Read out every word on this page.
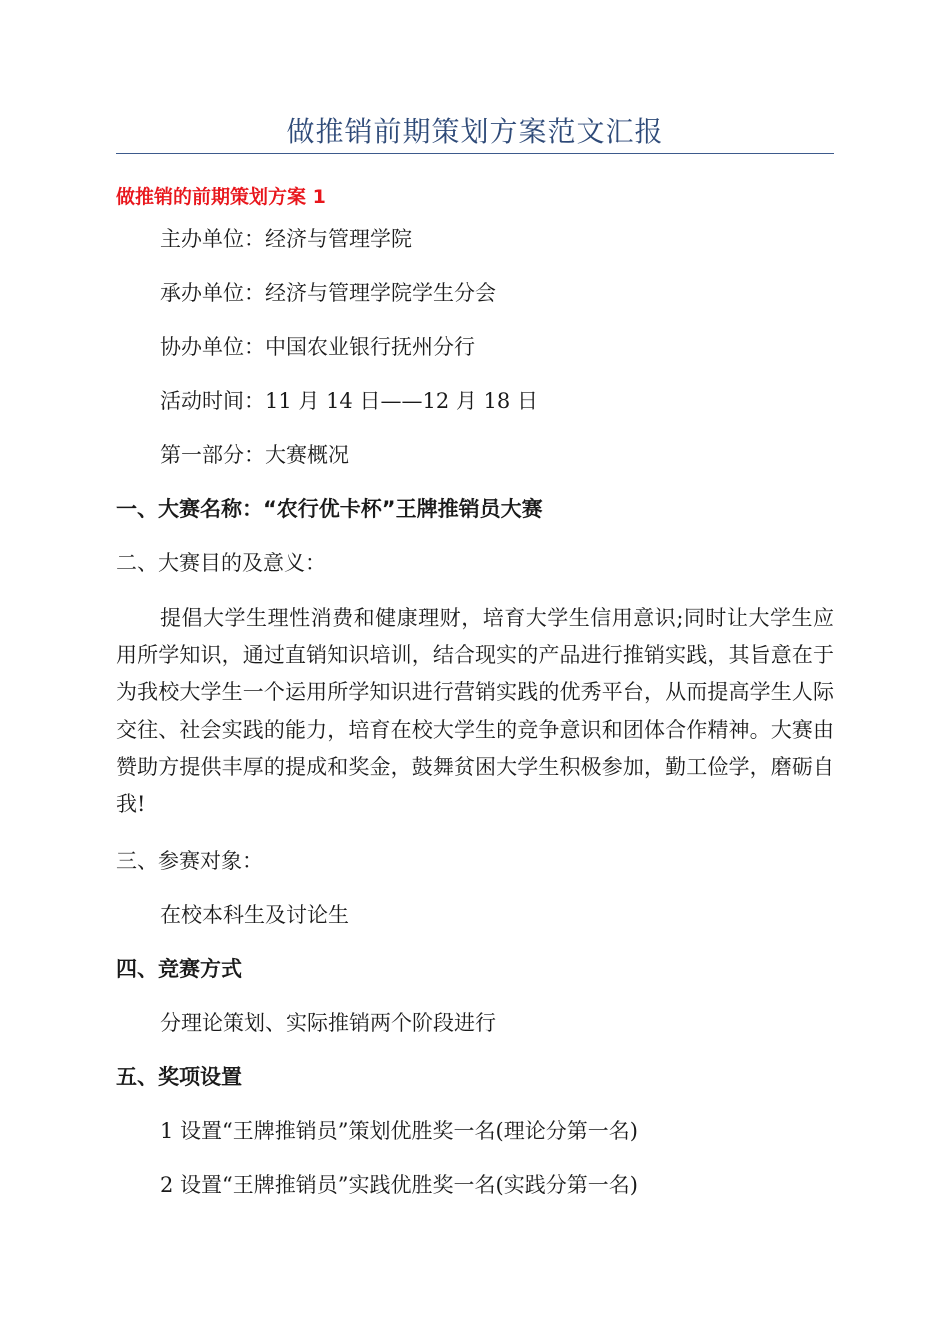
做推销前期策划方案范文汇报
做推销的前期策划方案 1
主办单位：经济与管理学院
承办单位：经济与管理学院学生分会
协办单位：中国农业银行抚州分行
活动时间：11 月 14 日——12 月 18 日
第一部分：大赛概况
一、大赛名称：“农行优卡杯”王牌推销员大赛
二、大赛目的及意义：
提倡大学生理性消费和健康理财，培育大学生信用意识;同时让大学生应用所学知识，通过直销知识培训，结合现实的产品进行推销实践，其旨意在于为我校大学生一个运用所学知识进行营销实践的优秀平台，从而提高学生人际交往、社会实践的能力，培育在校大学生的竞争意识和团体合作精神。大赛由赞助方提供丰厚的提成和奖金，鼓舞贫困大学生积极参加，勤工俭学，磨砺自我!
三、参赛对象：
在校本科生及讨论生
四、竞赛方式
分理论策划、实际推销两个阶段进行
五、奖项设置
1 设置“王牌推销员”策划优胜奖一名(理论分第一名)
2 设置“王牌推销员”实践优胜奖一名(实践分第一名)
